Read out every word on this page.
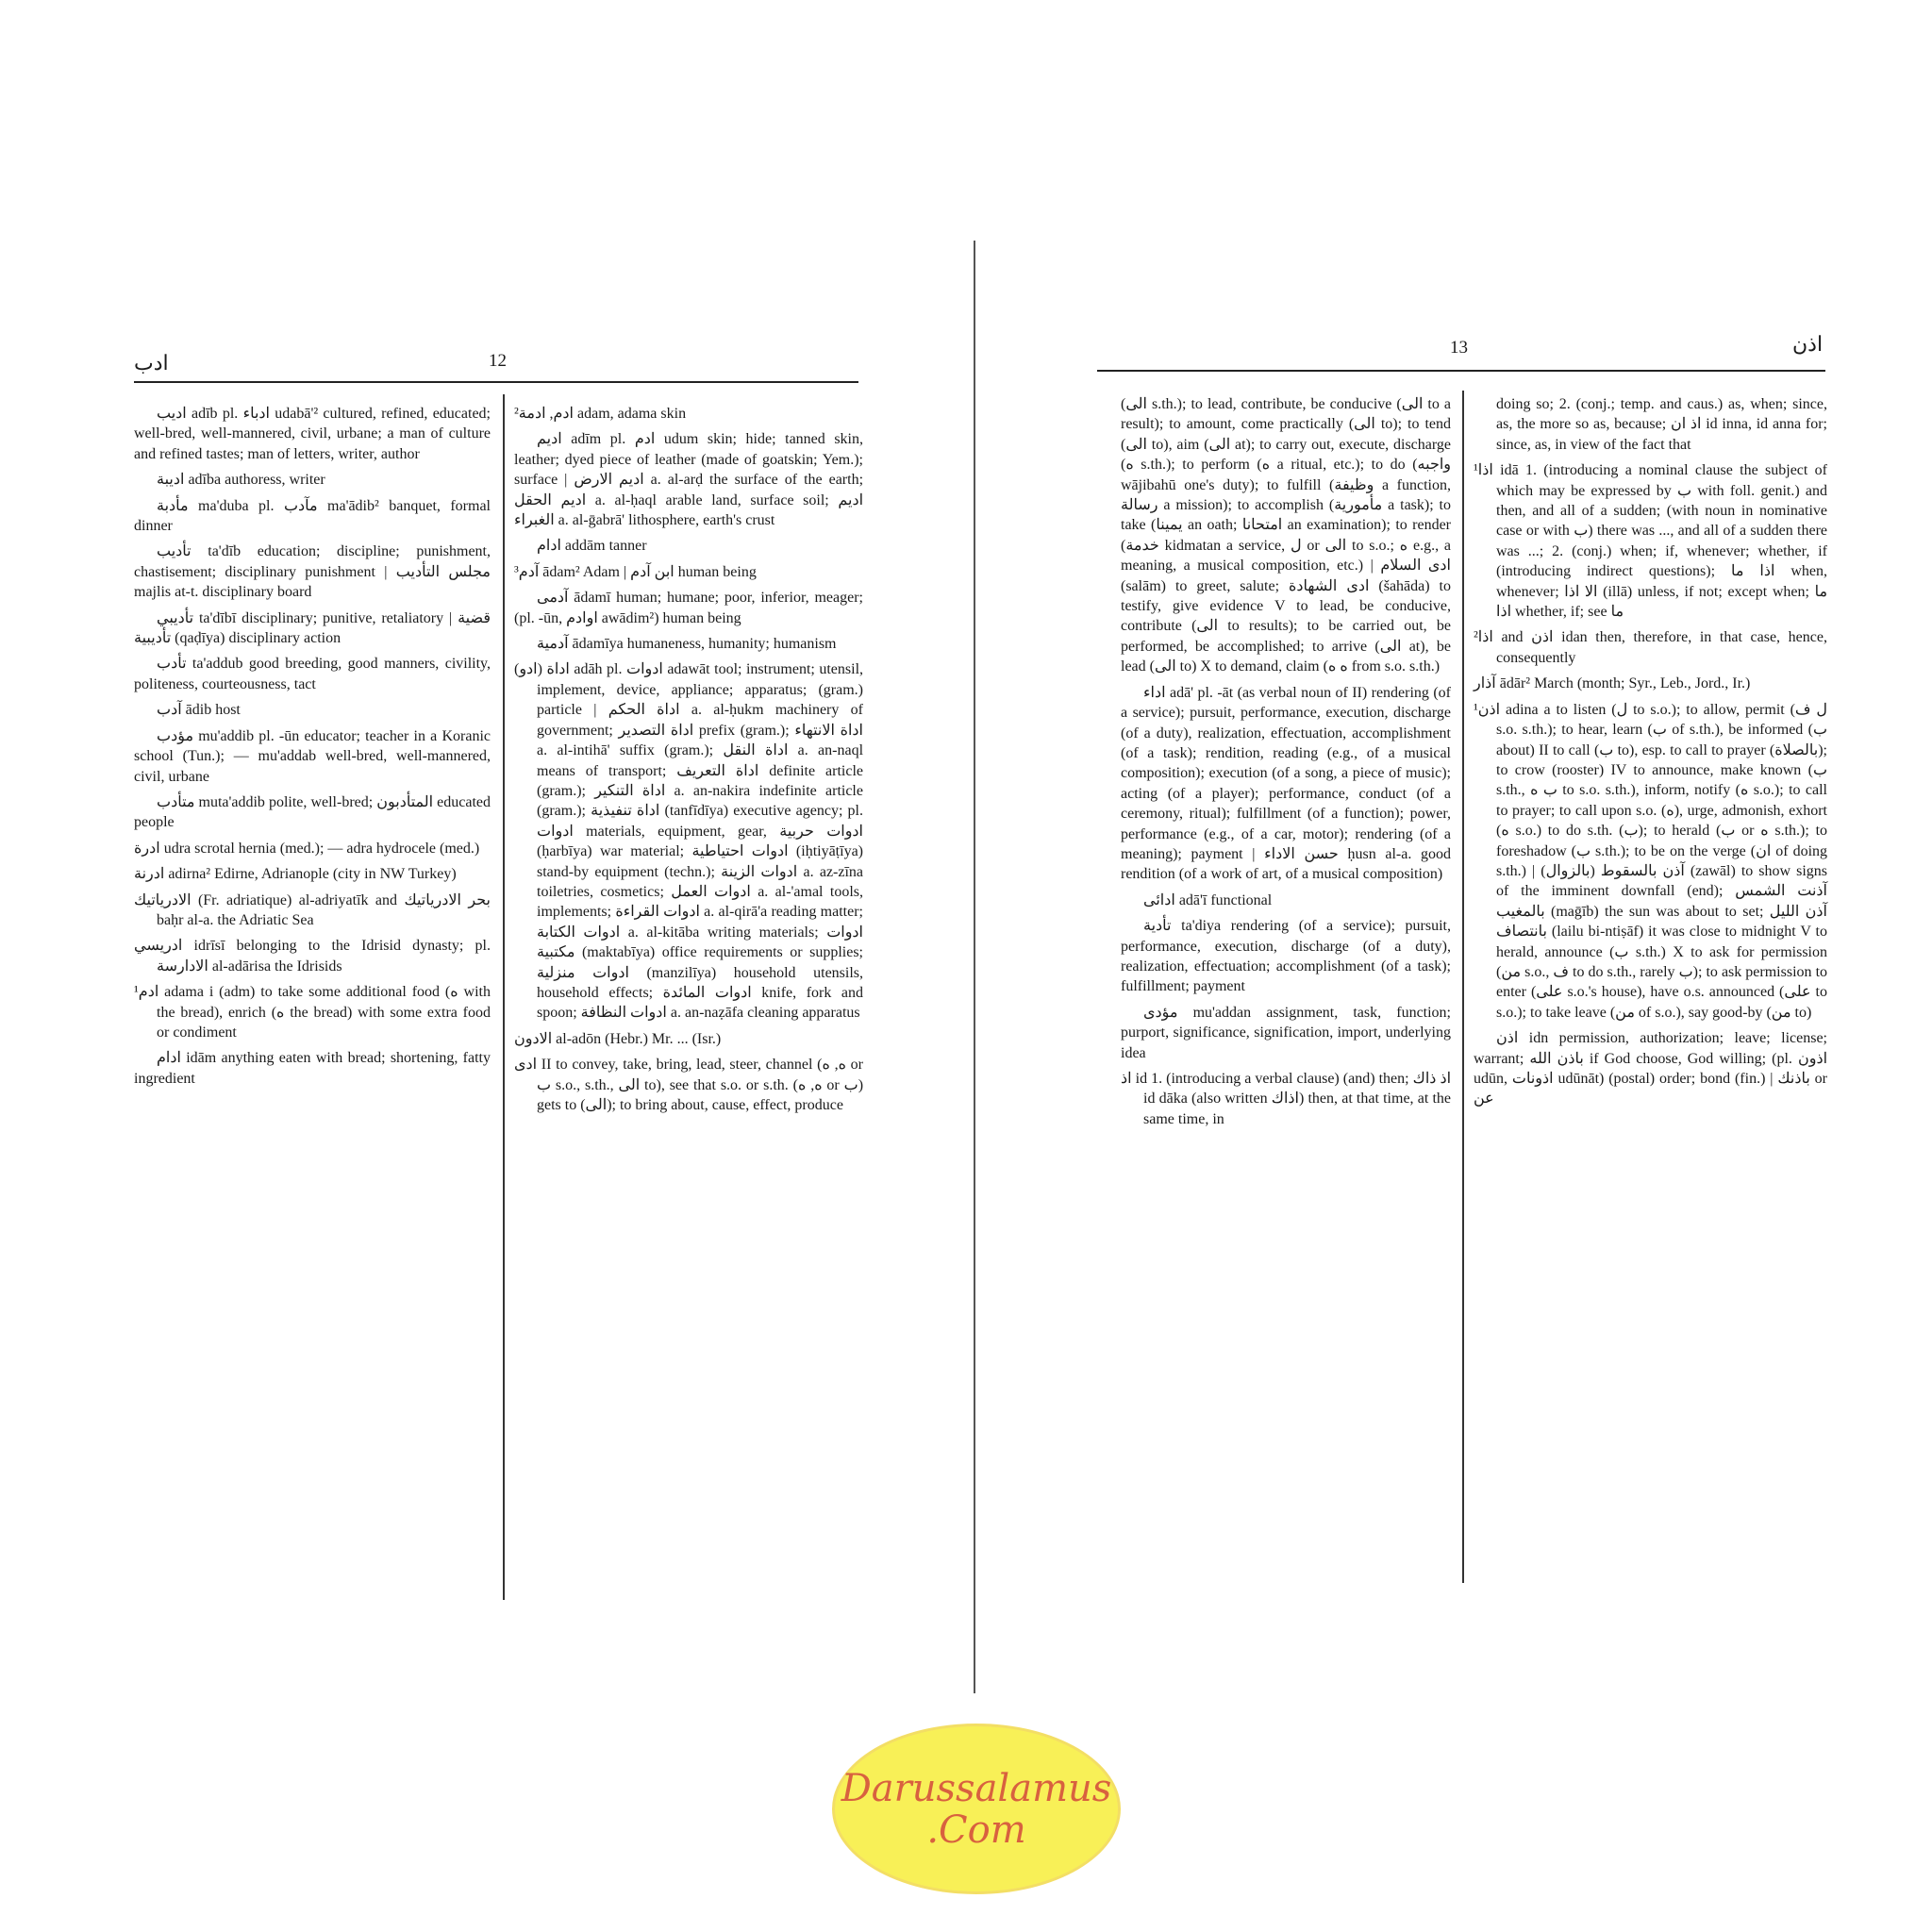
ادب	12

اديب adīb pl. ادباء udabā'² cultured, refined, educated; well-bred, well-mannered, civil, urbane; a man of culture and refined tastes; man of letters, writer, author

اديبة adība authoress, writer

مأدبة ma'duba pl. مآدب ma'ādib² banquet, formal dinner

تأديب ta'dīb education; discipline; punishment, chastisement; disciplinary punishment | مجلس التأديب majlis at-t. disciplinary board

تأديبي ta'dībī disciplinary; punitive, retaliatory | قضية تأديبية (qaḍīya) disciplinary action

تأدب ta'addub good breeding, good manners, civility, politeness, courteousness, tact

آدب ādib host

مؤدب mu'addib pl. -ūn educator; teacher in a Koranic school (Tun.); — mu'addab well-bred, well-mannered, civil, urbane

متأدب muta'addib polite, well-bred; المتأدبون educated people

ادرة udra scrotal hernia (med.); — adra hydrocele (med.)

ادرنة adirna² Edirne, Adrianople (city in NW Turkey)

الادرياتيك (Fr. adriatique) al-adriyatīk and بحر الادرياتيك baḥr al-a. the Adriatic Sea

ادريسي idrīsī belonging to the Idrisid dynasty; pl. الادارسة al-adārisa the Idrisids

¹ادم adama i (adm) to take some additional food (ه with the bread), enrich (ه the bread) with some extra food or condiment

ادام idām anything eaten with bread; shortening, fatty ingredient

²ادم, ادمة adam, adama skin

اديم adīm pl. ادم udum skin; hide; tanned skin, leather; dyed piece of leather (made of goatskin; Yem.); surface | اديم الارض a. al-arḍ the surface of the earth; اديم الحقل a. al-ḥaql arable land, surface soil; اديم الغبراء a. al-ḡabrā' lithosphere, earth's crust

ادام addām tanner

³آدم ādam² Adam | ابن آدم human being

آدمى ādamī human; humane; poor, inferior, meager; (pl. -ūn, اوادم awādim²) human being

آدمية ādamīya humaneness, humanity; humanism

(ادو) اداة adāh pl. ادوات adawāt tool; instrument; utensil, implement, device, appliance; apparatus; (gram.) particle | اداة الحكم a. al-ḥukm machinery of government; اداة التصدير prefix (gram.); اداة الانتهاء a. al-intihā' suffix (gram.); اداة النقل a. an-naql means of transport; اداة التعريف definite article (gram.); اداة التنكير a. an-nakira indefinite article (gram.); اداة تنفيذية (tanfīdīya) executive agency; pl. ادوات materials, equipment, gear, ادوات حربية (ḥarbīya) war material; ادوات احتياطية (iḥtiyāṭīya) stand-by equipment (techn.); ادوات الزينة a. az-zīna toiletries, cosmetics; ادوات العمل a. al-'amal tools, implements; ادوات القراءة a. al-qirā'a reading matter; ادوات الكتابة a. al-kitāba writing materials; ادوات مكتبية (maktabīya) office requirements or supplies; ادوات منزلية (manzilīya) household utensils, household effects; ادوات المائدة knife, fork and spoon; ادوات النظافة a. an-naẓāfa cleaning apparatus

الادون al-adōn (Hebr.) Mr. ... (Isr.)

ادى II to convey, take, bring, lead, steer, channel (ه, ه or ب s.o., s.th., الى to), see that s.o. or s.th. (ه, ه or ب) gets to (الى); to bring about, cause, effect, produce

13	اذن

(الى s.th.); to lead, contribute, be conducive (الى to a result); to amount, come practically (الى to); to tend (الى to), aim (الى at); to carry out, execute, discharge (ه s.th.); to perform (ه a ritual, etc.); to do (واجبه wājibahū one's duty); to fulfill (وظيفة a function, رسالة a mission); to accomplish (مأمورية a task); to take (يمينا an oath; امتحانا an examination); to render (خدمة kidmatan a service, ل or الى to s.o.; ه e.g., a meaning, a musical composition, etc.) | ادى السلام (salām) to greet, salute; ادى الشهادة (šahāda) to testify, give evidence V to lead, be conducive, contribute (الى to results); to be carried out, be performed, be accomplished; to arrive (الى at), be lead (الى to) X to demand, claim (ه ه from s.o. s.th.)

اداء adā' pl. -āt (as verbal noun of II) rendering (of a service); pursuit, performance, execution, discharge (of a duty), realization, effectuation, accomplishment (of a task); rendition, reading (e.g., of a musical composition); execution (of a song, a piece of music); acting (of a player); performance, conduct (of a ceremony, ritual); fulfillment (of a function); power, performance (e.g., of a car, motor); rendering (of a meaning); payment | حسن الاداء ḥusn al-a. good rendition (of a work of art, of a musical composition)

ادائى adā'ī functional

تأدية ta'diya rendering (of a service); pursuit, performance, execution, discharge (of a duty), realization, effectuation; accomplishment (of a task); fulfillment; payment

مؤدى mu'addan assignment, task, function; purport, significance, signification, import, underlying idea

اذ id 1. (introducing a verbal clause) (and) then; اذ ذاك id dāka (also written اذاك) then, at that time, at the same time, in

doing so; 2. (conj.; temp. and caus.) as, when; since, as, the more so as, because; اذ ان id inna, id anna for; since, as, in view of the fact that

¹اذا idā 1. (introducing a nominal clause the subject of which may be expressed by ب with foll. genit.) and then, and all of a sudden; (with noun in nominative case or with ب) there was ..., and all of a sudden there was ...; 2. (conj.) when; if, whenever; whether, if (introducing indirect questions); اذا ما when, whenever; الا اذا (illā) unless, if not; except when; ما اذا whether, if; see ما

²اذا and اذن idan then, therefore, in that case, hence, consequently

آذار ādār² March (month; Syr., Leb., Jord., Ir.)

¹اذن adina a to listen (ل to s.o.); to allow, permit (ل ف s.o. s.th.); to hear, learn (ب of s.th.), be informed (ب about) II to call (ب to), esp. to call to prayer (بالصلاة); to crow (rooster) IV to announce, make known (ب s.th., ب ه to s.o. s.th.), inform, notify (ه s.o.); to call to prayer; to call upon s.o. (ه), urge, admonish, exhort (ه s.o.) to do s.th. (ب); to herald (ب or ه s.th.); to foreshadow (ب s.th.); to be on the verge (ان of doing s.th.) | آذن بالسقوط (بالزوال) (zawāl) to show signs of the imminent downfall (end); آذنت الشمس بالمغيب (maḡīb) the sun was about to set; آذن الليل بانتصاف (lailu bi-ntiṣāf) it was close to midnight V to herald, announce (ب s.th.) X to ask for permission (من s.o., ف to do s.th., rarely ب); to ask permission to enter (على s.o.'s house), have o.s. announced (على to s.o.); to take leave (من of s.o.), say good-by (من to)

اذن idn permission, authorization; leave; license; warrant; باذن الله if God choose, God willing; (pl. اذون udūn, اذونات udūnāt) (postal) order; bond (fin.) | باذنك or عن

Darussalamus
.Com
